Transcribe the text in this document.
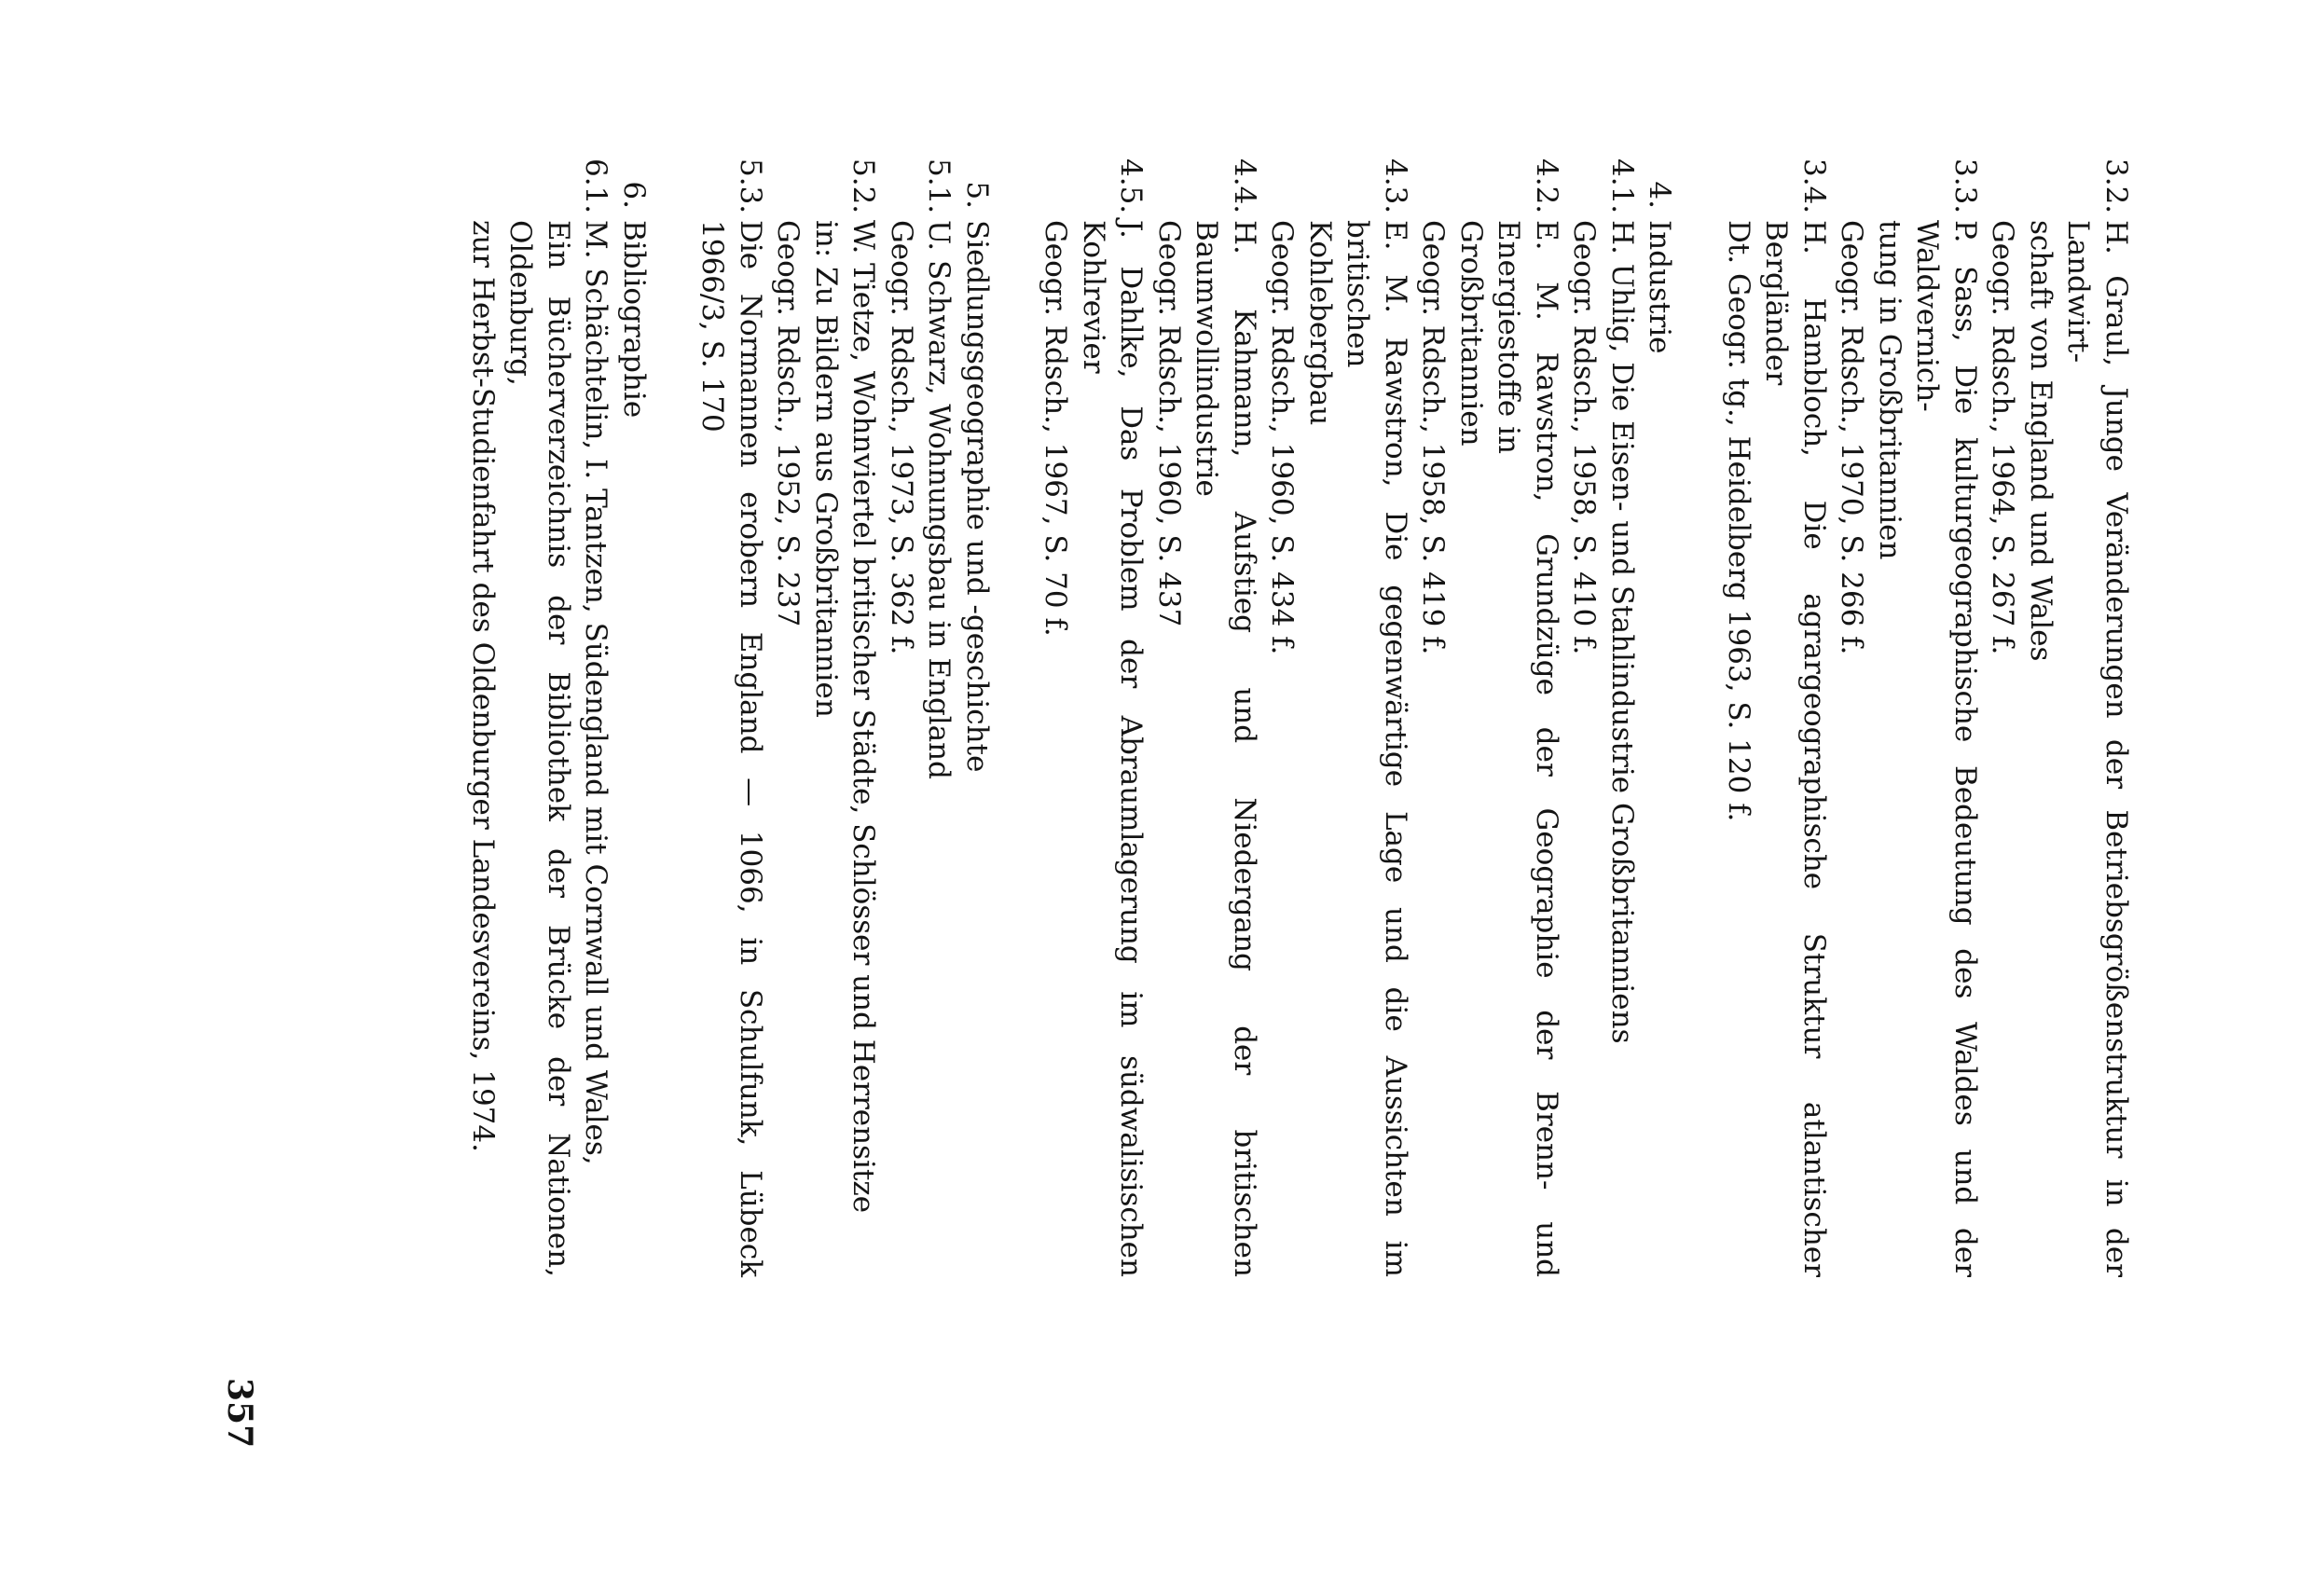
3.2.
H. Graul, Junge Veränderungen der Betriebsgrößenstruktur in der Landwirt-
schaft von England und Wales
Geogr. Rdsch., 1964, S. 267 f.
3.3.
P. Sass, Die kulturgeographische Bedeutung des Waldes und der Waldvernich-
tung in Großbritannien
Geogr. Rdsch., 1970, S. 266 f.
3.4.
H. Hambloch, Die agrargeographische Struktur atlantischer Bergländer
Dt. Geogr. tg., Heidelberg 1963, S. 120 f.
4.
Industrie
4.1.
H. Uhlig, Die Eisen- und Stahlindustrie Großbritanniens
Geogr. Rdsch., 1958, S. 410 f.
4.2.
E. M. Rawstron, Grundzüge der Geographie der Brenn- und Energiestoffe in
Großbritannien
Geogr. Rdsch., 1958, S. 419 f.
4.3.
E. M. Rawstron, Die gegenwärtige Lage und die Aussichten im britischen
Kohlebergbau
Geogr. Rdsch., 1960, S. 434 f.
4.4.
H. Kahmann, Aufstieg und Niedergang der britischen Baumwollindustrie
Geogr. Rdsch., 1960, S. 437
4.5.
J. Dahlke, Das Problem der Abraumlagerung im südwalisischen Kohlrevier
Geogr. Rdsch., 1967, S. 70 f.
5.
Siedlungsgeographie und -geschichte
5.1.
U. Schwarz, Wohnungsbau in England
Geogr. Rdsch., 1973, S. 362 f.
5.2.
W. Tietze, Wohnviertel britischer Städte, Schlösser und Herrensitze
in: Zu Bildern aus Großbritannien
Geogr. Rdsch., 1952, S. 237
5.3.
Die Normannen erobern England — 1066, in Schulfunk, Lübeck 1966/3, S. 170
6.
Bibliographie
6.1.
M. Schächtelin, I. Tantzen, Südengland mit Cornwall und Wales,
Ein Bücherverzeichnis der Bibliothek der Brücke der Nationen, Oldenburg,
zur Herbst-Studienfahrt des Oldenburger Landesvereins, 1974.
357
